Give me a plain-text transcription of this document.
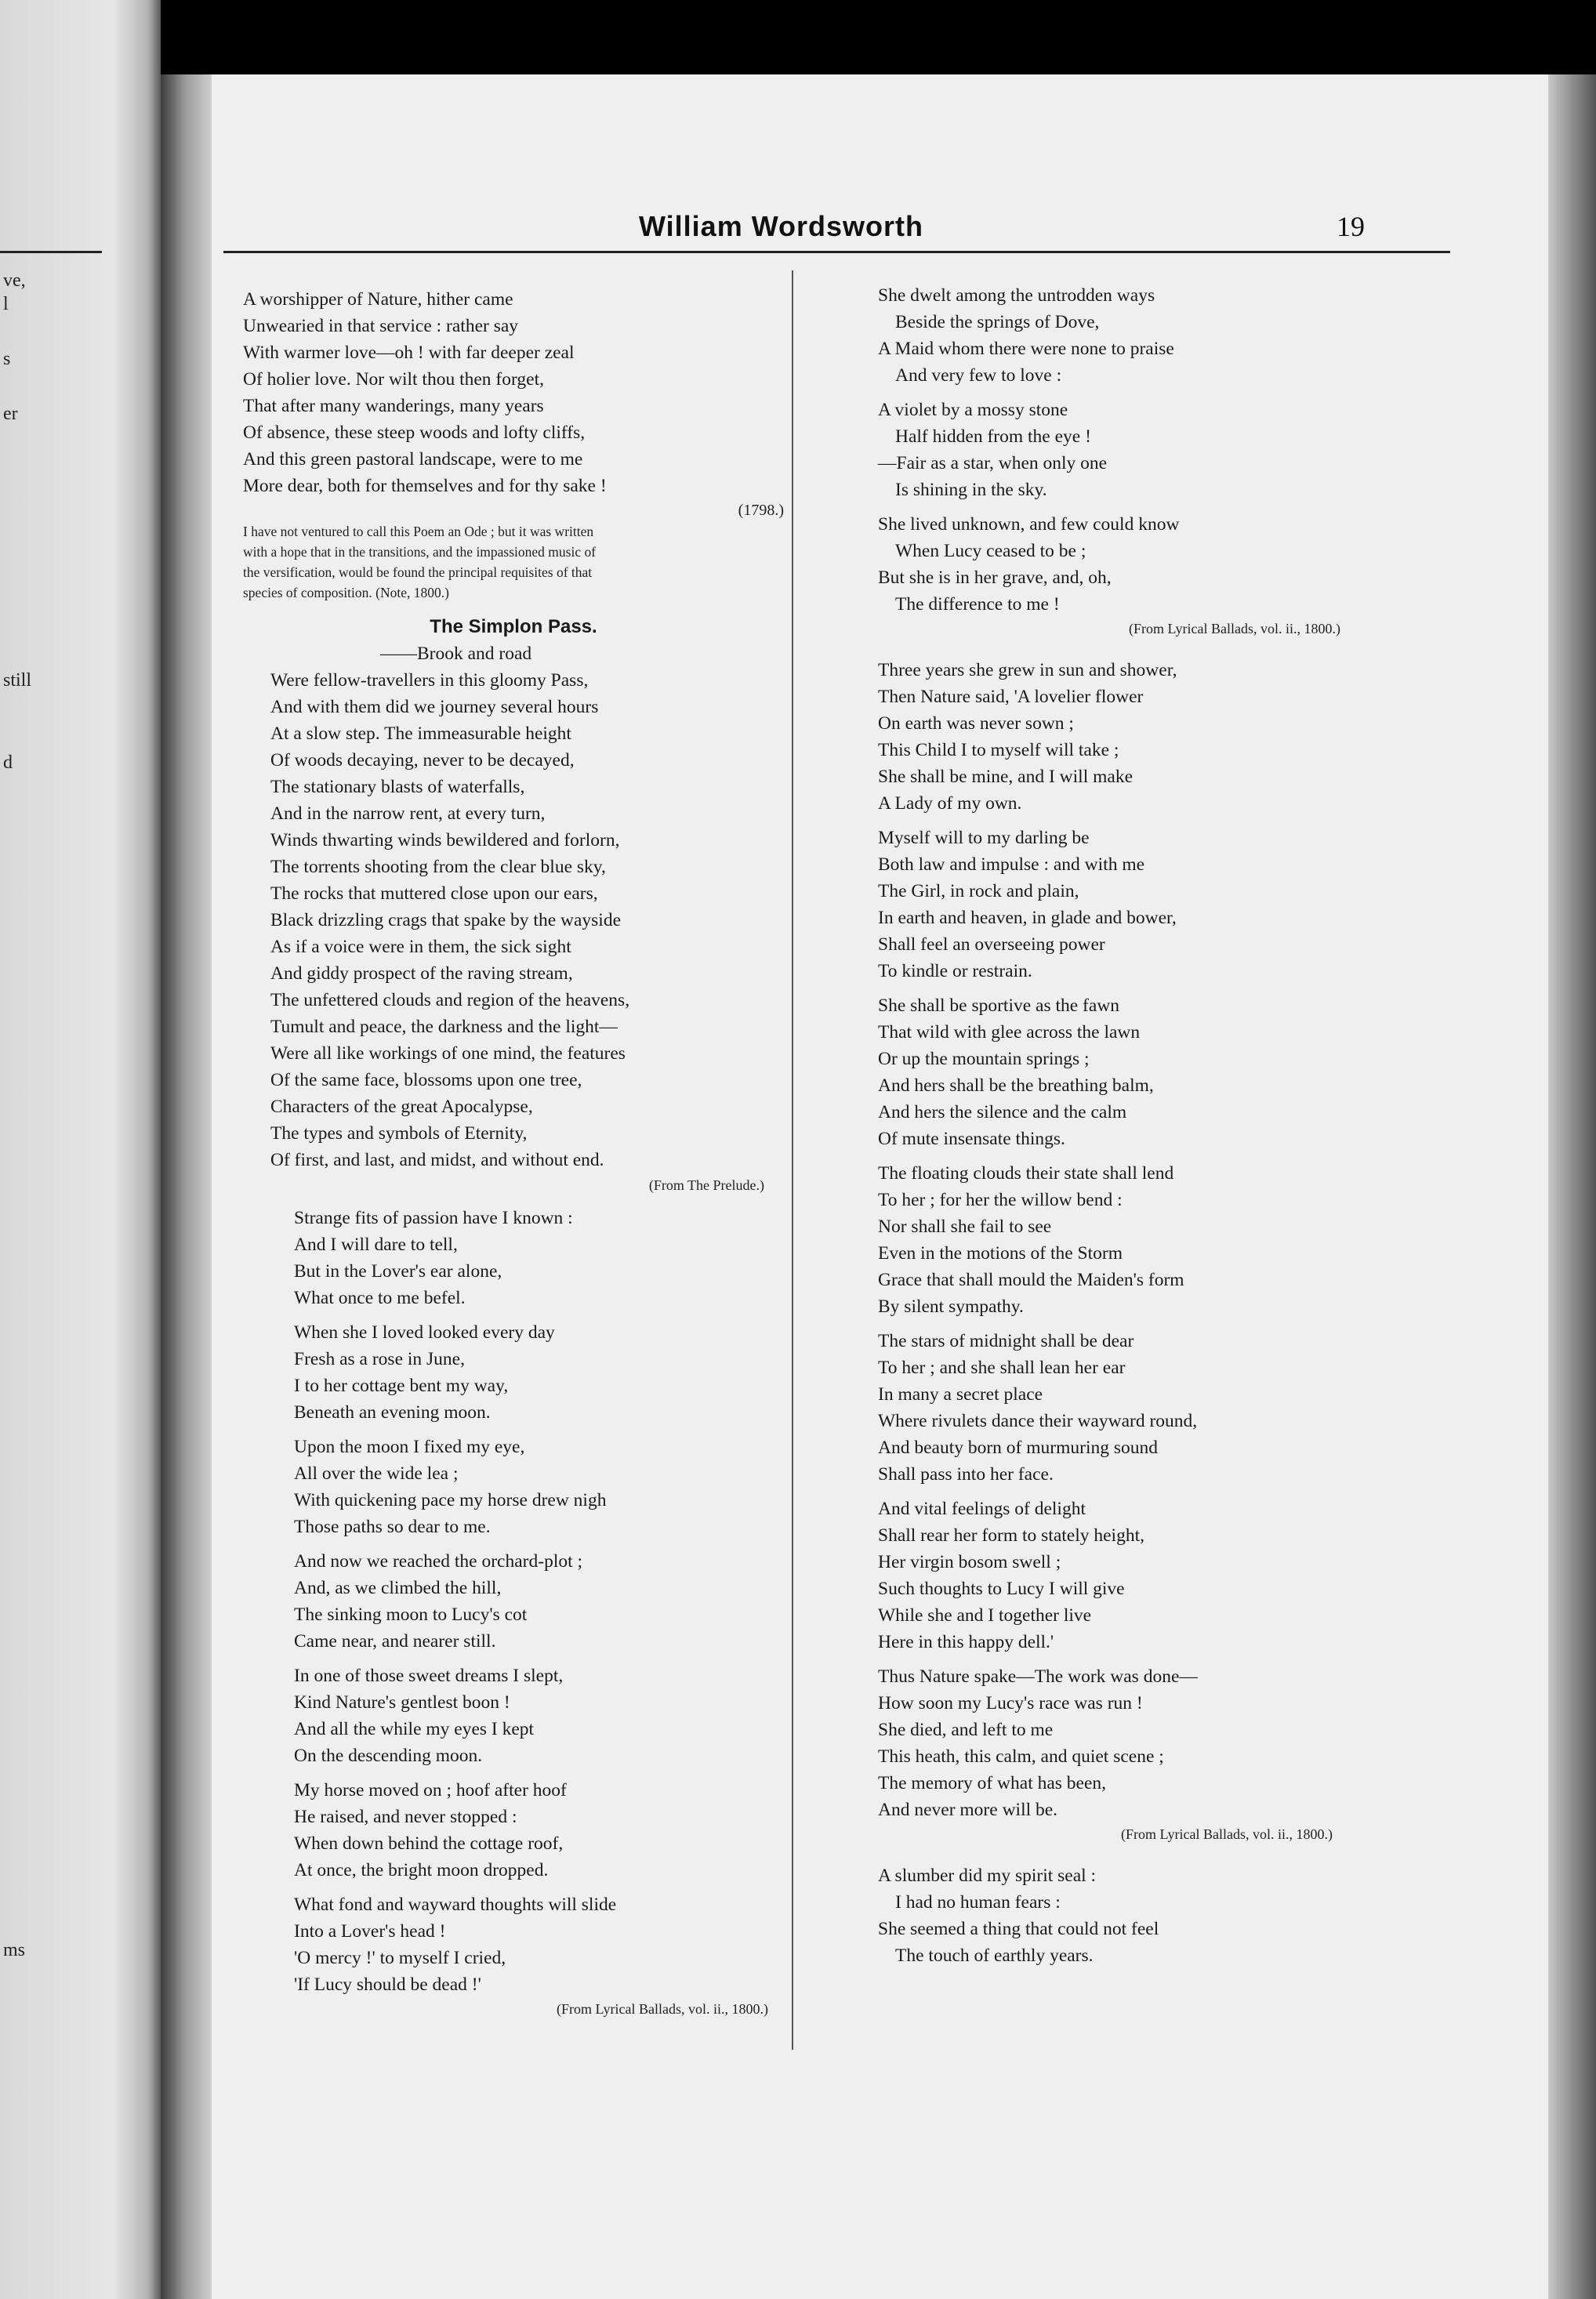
ve,
l
s
er
still
d
ms
William Wordsworth	19
A worshipper of Nature, hither came
Unwearied in that service : rather say
With warmer love—oh ! with far deeper zeal
Of holier love. Nor wilt thou then forget,
That after many wanderings, many years
Of absence, these steep woods and lofty cliffs,
And this green pastoral landscape, were to me
More dear, both for themselves and for thy sake !
(1798.)
I have not ventured to call this Poem an Ode ; but it was written
with a hope that in the transitions, and the impassioned music of
the versification, would be found the principal requisites of that
species of composition. (Note, 1800.)
The Simplon Pass.
——Brook and road
Were fellow-travellers in this gloomy Pass,
And with them did we journey several hours
At a slow step. The immeasurable height
Of woods decaying, never to be decayed,
The stationary blasts of waterfalls,
And in the narrow rent, at every turn,
Winds thwarting winds bewildered and forlorn,
The torrents shooting from the clear blue sky,
The rocks that muttered close upon our ears,
Black drizzling crags that spake by the wayside
As if a voice were in them, the sick sight
And giddy prospect of the raving stream,
The unfettered clouds and region of the heavens,
Tumult and peace, the darkness and the light—
Were all like workings of one mind, the features
Of the same face, blossoms upon one tree,
Characters of the great Apocalypse,
The types and symbols of Eternity,
Of first, and last, and midst, and without end.
(From The Prelude.)
Strange fits of passion have I known :
And I will dare to tell,
But in the Lover's ear alone,
What once to me befel.
When she I loved looked every day
Fresh as a rose in June,
I to her cottage bent my way,
Beneath an evening moon.
Upon the moon I fixed my eye,
All over the wide lea ;
With quickening pace my horse drew nigh
Those paths so dear to me.
And now we reached the orchard-plot ;
And, as we climbed the hill,
The sinking moon to Lucy's cot
Came near, and nearer still.
In one of those sweet dreams I slept,
Kind Nature's gentlest boon !
And all the while my eyes I kept
On the descending moon.
My horse moved on ; hoof after hoof
He raised, and never stopped :
When down behind the cottage roof,
At once, the bright moon dropped.
What fond and wayward thoughts will slide
Into a Lover's head !
'O mercy !' to myself I cried,
'If Lucy should be dead !'
(From Lyrical Ballads, vol. ii., 1800.)
She dwelt among the untrodden ways
Beside the springs of Dove,
A Maid whom there were none to praise
And very few to love :
A violet by a mossy stone
Half hidden from the eye !
—Fair as a star, when only one
Is shining in the sky.
She lived unknown, and few could know
When Lucy ceased to be ;
But she is in her grave, and, oh,
The difference to me !
(From Lyrical Ballads, vol. ii., 1800.)
Three years she grew in sun and shower,
Then Nature said, 'A lovelier flower
On earth was never sown ;
This Child I to myself will take ;
She shall be mine, and I will make
A Lady of my own.
Myself will to my darling be
Both law and impulse : and with me
The Girl, in rock and plain,
In earth and heaven, in glade and bower,
Shall feel an overseeing power
To kindle or restrain.
She shall be sportive as the fawn
That wild with glee across the lawn
Or up the mountain springs ;
And hers shall be the breathing balm,
And hers the silence and the calm
Of mute insensate things.
The floating clouds their state shall lend
To her ; for her the willow bend :
Nor shall she fail to see
Even in the motions of the Storm
Grace that shall mould the Maiden's form
By silent sympathy.
The stars of midnight shall be dear
To her ; and she shall lean her ear
In many a secret place
Where rivulets dance their wayward round,
And beauty born of murmuring sound
Shall pass into her face.
And vital feelings of delight
Shall rear her form to stately height,
Her virgin bosom swell ;
Such thoughts to Lucy I will give
While she and I together live
Here in this happy dell.'
Thus Nature spake—The work was done—
How soon my Lucy's race was run !
She died, and left to me
This heath, this calm, and quiet scene ;
The memory of what has been,
And never more will be.
(From Lyrical Ballads, vol. ii., 1800.)
A slumber did my spirit seal :
I had no human fears :
She seemed a thing that could not feel
The touch of earthly years.
